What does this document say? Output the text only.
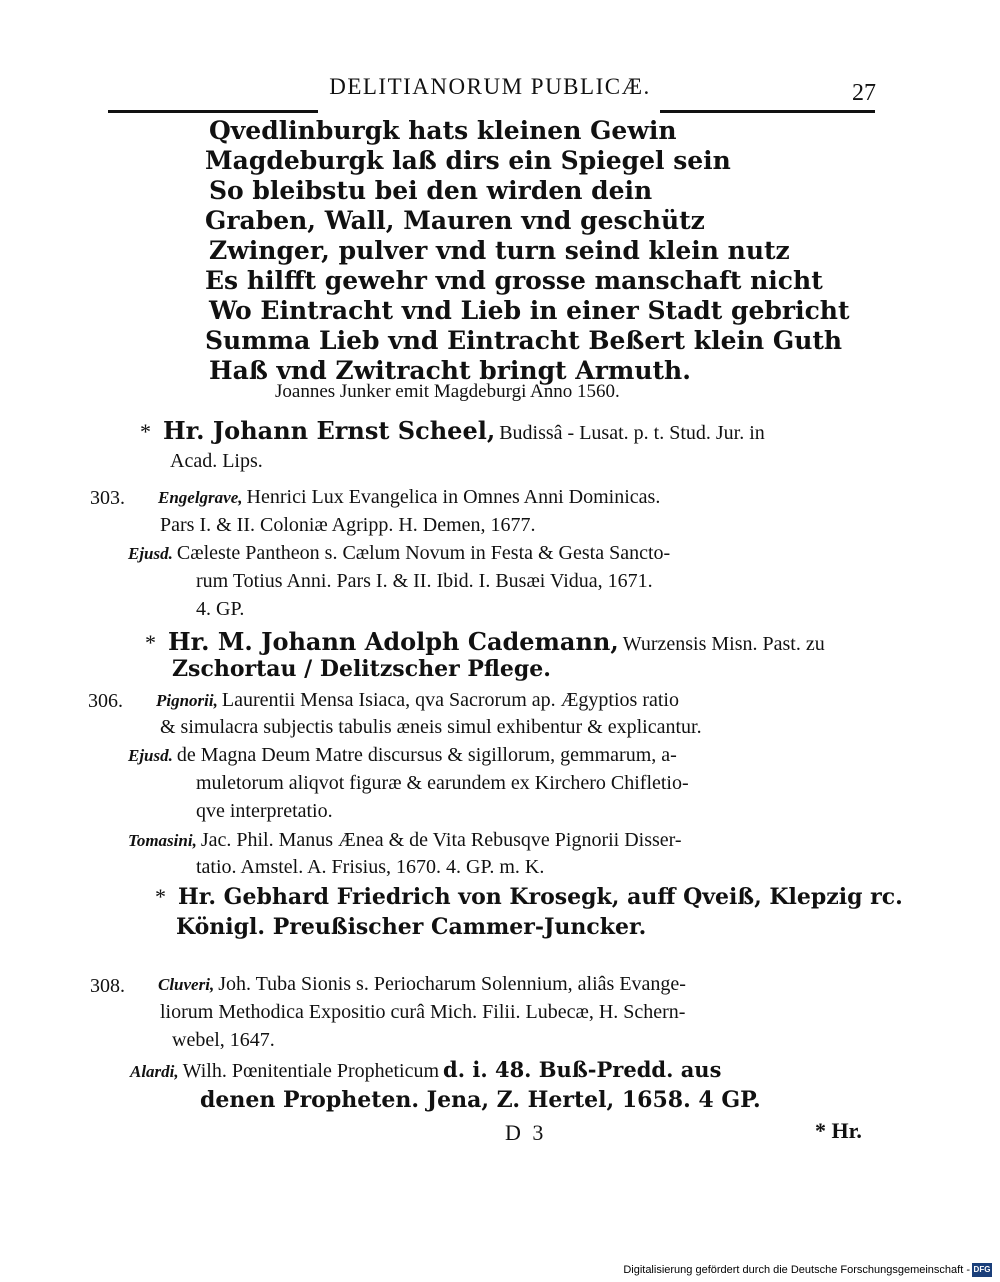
DELITIANORUM PUBLICÆ.	27
Qvedlinburgk hats kleinen Gewin
Magdeburgk laß dirs ein Spiegel sein
So bleibstu bei den wirden dein
Graben, Wall, Mauren vnd geschütz
Zwinger, pulver vnd turn seind klein nutz
Es hilfft gewehr vnd grosse manschaft nicht
Wo Eintracht vnd Lieb in einer Stadt gebricht
Summa Lieb vnd Eintracht Beßert klein Guth
Haß vnd Zwitracht bringt Armuth.
Joannes Junker emit Magdeburgi Anno 1560.
* Hr. Johann Ernst Scheel, Budissâ - Lusat. p. t. Stud. Jur. in
Acad. Lips.
303. Engelgrave, Henrici Lux Evangelica in Omnes Anni Dominicas.
Pars I. & II. Coloniæ Agripp. H. Demen, 1677.
Ejusd. Cæleste Pantheon s. Cælum Novum in Festa & Gesta Sancto-
rum Totius Anni. Pars I. & II. Ibid. I. Busæi Vidua, 1671.
4. GP.
* Hr. M. Johann Adolph Cademann, Wurzensis Misn. Past. zu
Zschortau / Delitzscher Pflege.
306. Pignorii, Laurentii Mensa Isiaca, qva Sacrorum ap. Ægyptios ratio
& simulacra subjectis tabulis æneis simul exhibentur & explicantur.
Ejusd. de Magna Deum Matre discursus & sigillorum, gemmarum, a-
muletorum aliqvot figuræ & earundem ex Kirchero Chifletio-
qve interpretatio.
Tomasini, Jac. Phil. Manus Ænea & de Vita Rebusqve Pignorii Disser-
tatio. Amstel. A. Frisius, 1670. 4. GP. m. K.
* Hr. Gebhard Friedrich von Krosegk, auff Qveiß, Klepzig rc.
Königl. Preußischer Cammer-Juncker.
308. Cluveri, Joh. Tuba Sionis s. Periocharum Solennium, aliâs Evange-
liorum Methodica Expositio curâ Mich. Filii. Lubecæ, H. Schern-
webel, 1647.
Alardi, Wilh. Pœnitentiale Propheticum d. i. 48. Buß-Predd. aus
denen Propheten. Jena, Z. Hertel, 1658. 4 GP.
D 3	* Hr.
Digitalisierung gefördert durch die Deutsche Forschungsgemeinschaft - DFG
